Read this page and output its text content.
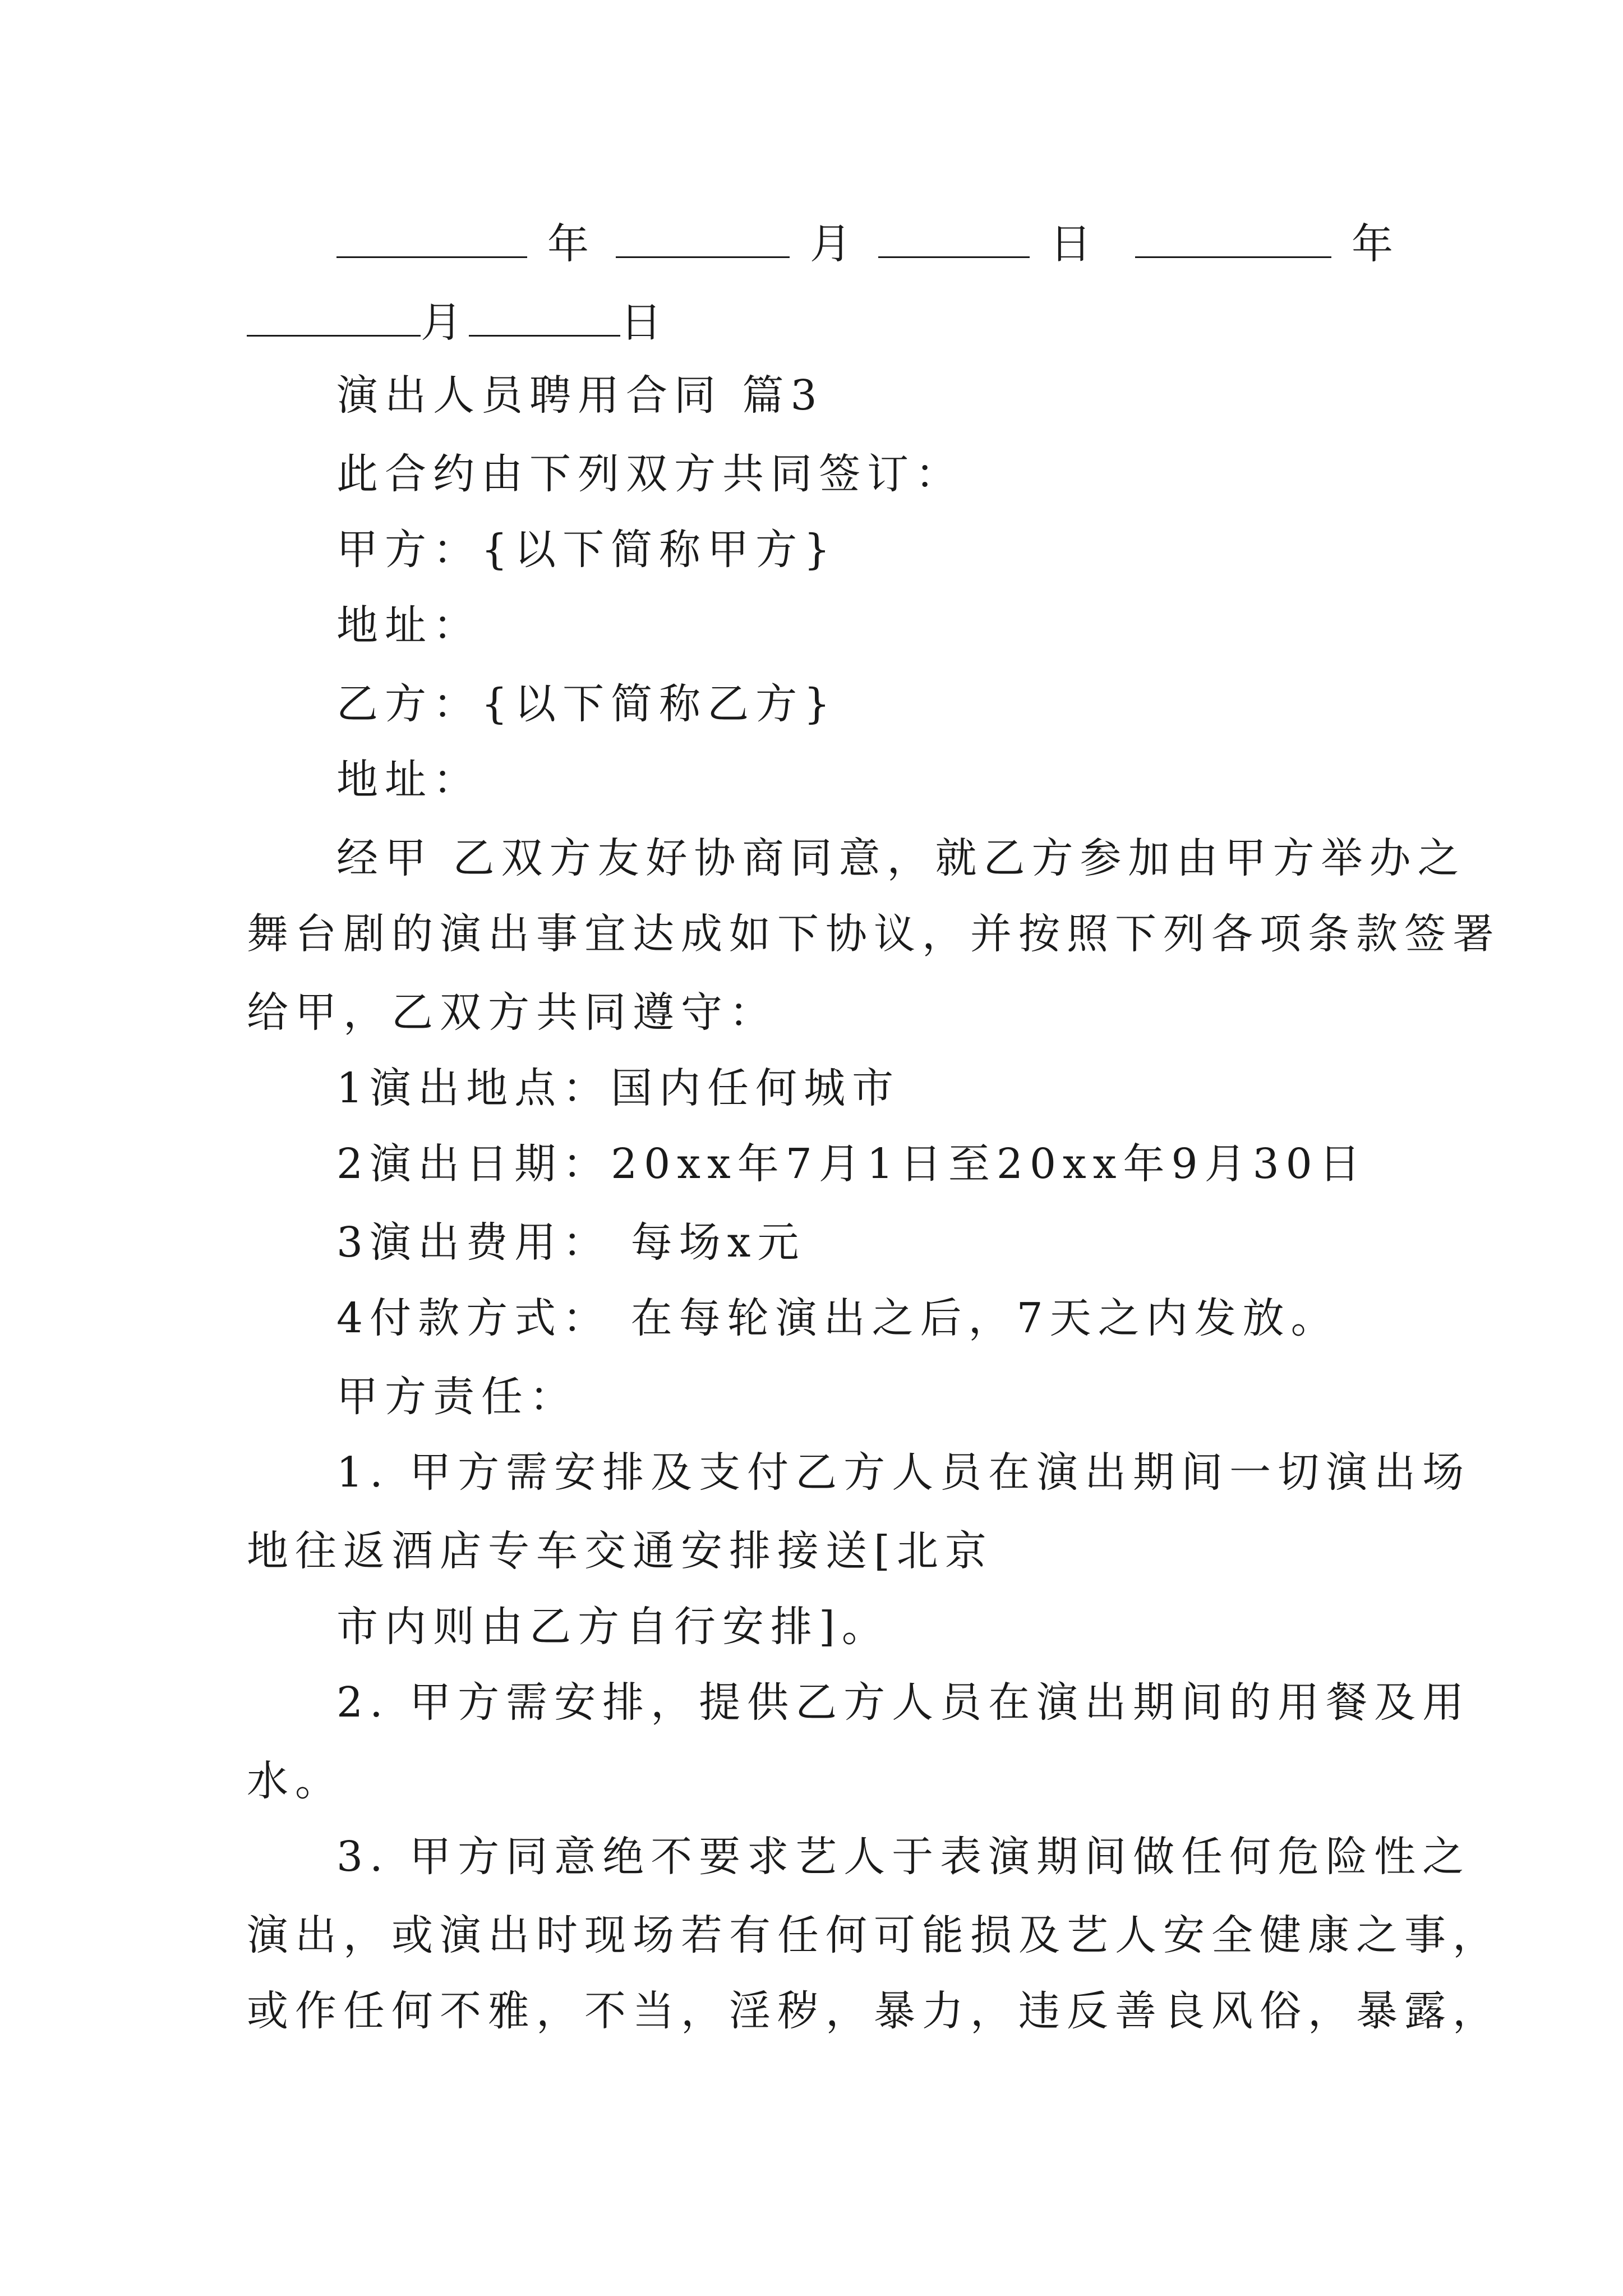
年	月	日	年
月	日
演出人员聘用合同 篇3
此合约由下列双方共同签订：
甲方：{以下简称甲方}
地址：
乙方：{以下简称乙方}
地址：
经甲 乙双方友好协商同意，就乙方参加由甲方举办之
舞台剧的演出事宜达成如下协议，并按照下列各项条款签署
给甲，乙双方共同遵守：
1演出地点：国内任何城市
2演出日期：20xx年7月1日至20xx年9月30日
3演出费用： 每场x元
4付款方式： 在每轮演出之后，7天之内发放。
甲方责任：
1. 甲方需安排及支付乙方人员在演出期间一切演出场
地往返酒店专车交通安排接送[北京
市内则由乙方自行安排]。
2. 甲方需安排，提供乙方人员在演出期间的用餐及用
水。
3. 甲方同意绝不要求艺人于表演期间做任何危险性之
演出，或演出时现场若有任何可能损及艺人安全健康之事，
或作任何不雅，不当，淫秽，暴力，违反善良风俗，暴露，
